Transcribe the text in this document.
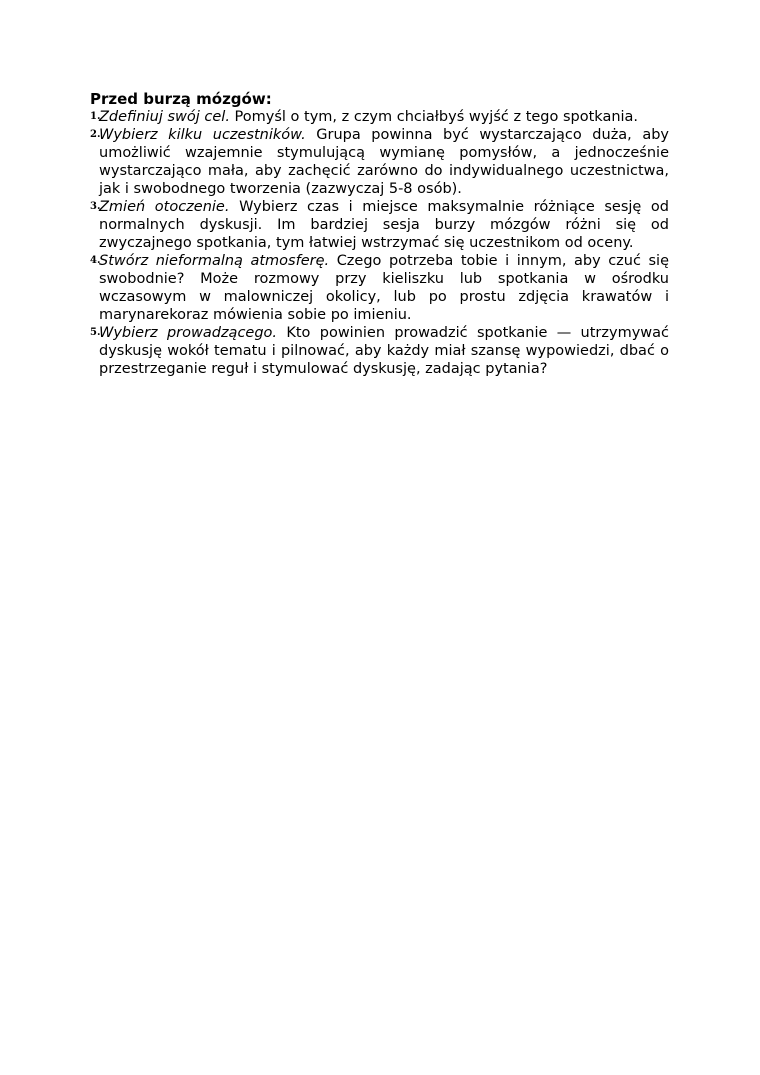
Przed burzą mózgów:

1.
Zdefiniuj swój cel. Pomyśl o tym, z czym chciałbyś wyjść z tego spotkania.
2.
Wybierz kilku uczestników. Grupa powinna być wystarczająco duża, aby umożliwić wzajemnie stymulującą wymianę pomysłów, a jednocześnie wystarczająco mała, aby zachęcić zarówno do indywidualnego uczestnictwa, jak i swobodnego tworzenia (zazwyczaj 5-8 osób).
3.
Zmień otoczenie. Wybierz czas i miejsce maksymalnie różniące sesję od normalnych dyskusji. Im bardziej sesja burzy mózgów różni się od zwyczajnego spotkania, tym łatwiej wstrzymać się uczestnikom od oceny.
4.
Stwórz nieformalną atmosferę. Czego potrzeba tobie i innym, aby czuć się swobodnie? Może rozmowy przy kieliszku lub spotkania w ośrodku wczasowym w malowniczej okolicy, lub po prostu zdjęcia krawatów i marynarekoraz mówienia sobie po imieniu.
5.
Wybierz prowadzącego. Kto powinien prowadzić spotkanie — utrzymywać dyskusję wokół tematu i pilnować, aby każdy miał szansę wypowiedzi, dbać o przestrzeganie reguł i stymulować dyskusję, zadając pytania?
